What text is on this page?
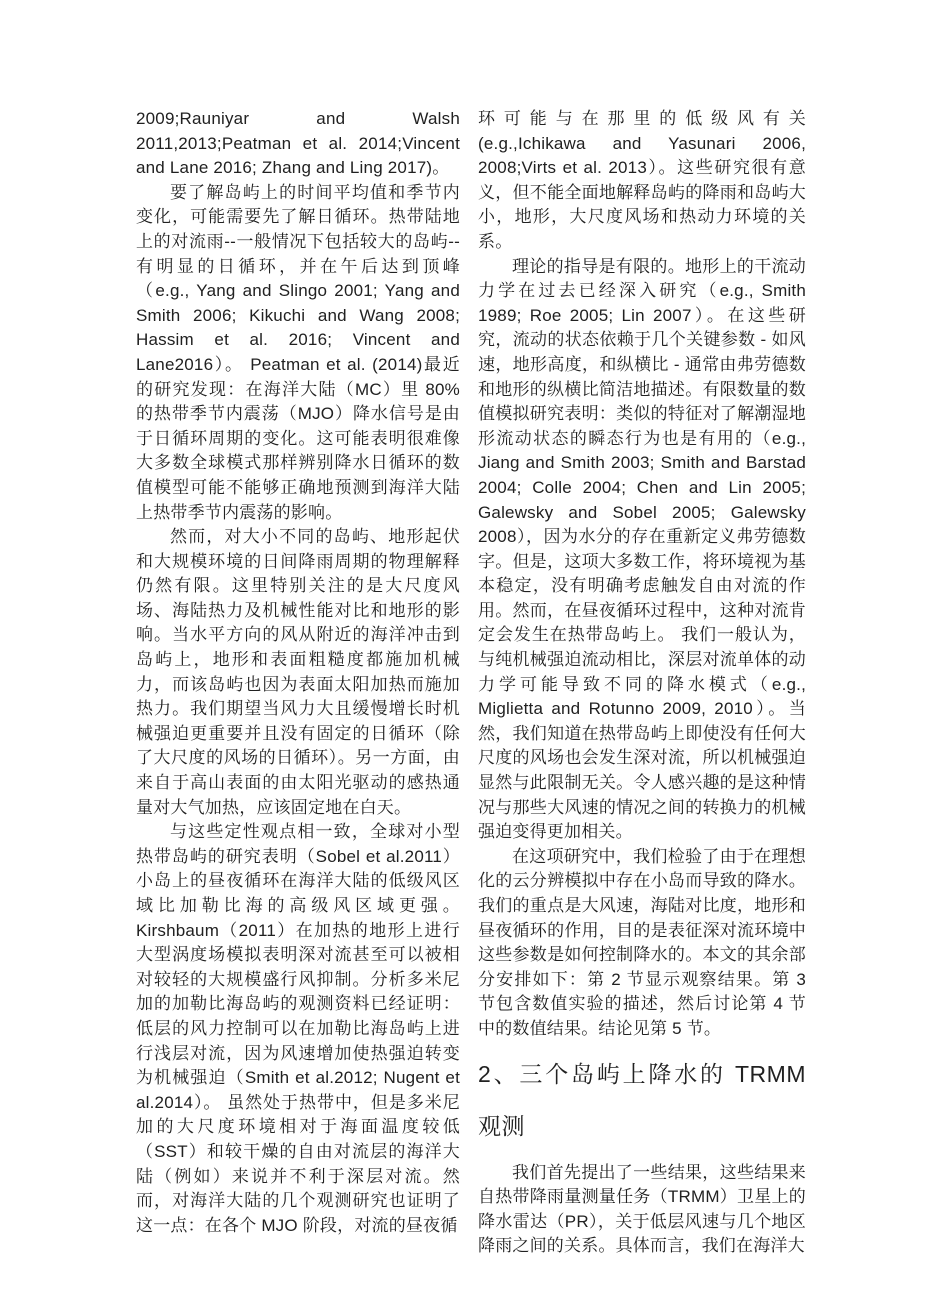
2009;Rauniyar and Walsh 2011,2013;Peatman et al. 2014;Vincent and Lane 2016; Zhang and Ling 2017)。

要了解岛屿上的时间平均值和季节内变化，可能需要先了解日循环。热带陆地上的对流雨--一般情况下包括较大的岛屿--有明显的日循环，并在午后达到顶峰（e.g., Yang and Slingo 2001; Yang and Smith 2006; Kikuchi and Wang 2008; Hassim et al. 2016; Vincent and Lane2016）。 Peatman et al. (2014)最近的研究发现：在海洋大陆（MC）里 80%的热带季节内震荡（MJO）降水信号是由于日循环周期的变化。这可能表明很难像大多数全球模式那样辨别降水日循环的数值模型可能不能够正确地预测到海洋大陆上热带季节内震荡的影响。

然而，对大小不同的岛屿、地形起伏和大规模环境的日间降雨周期的物理解释仍然有限。这里特别关注的是大尺度风场、海陆热力及机械性能对比和地形的影响。当水平方向的风从附近的海洋冲击到岛屿上，地形和表面粗糙度都施加机械力，而该岛屿也因为表面太阳加热而施加热力。我们期望当风力大且缓慢增长时机械强迫更重要并且没有固定的日循环（除了大尺度的风场的日循环）。另一方面，由来自于高山表面的由太阳光驱动的感热通量对大气加热，应该固定地在白天。

与这些定性观点相一致，全球对小型热带岛屿的研究表明（Sobel et al.2011）小岛上的昼夜循环在海洋大陆的低级风区域比加勒比海的高级风区域更强。 Kirshbaum（2011）在加热的地形上进行大型涡度场模拟表明深对流甚至可以被相对较轻的大规模盛行风抑制。分析多米尼加的加勒比海岛屿的观测资料已经证明：低层的风力控制可以在加勒比海岛屿上进行浅层对流，因为风速增加使热强迫转变为机械强迫（Smith et al.2012; Nugent et al.2014）。 虽然处于热带中，但是多米尼加的大尺度环境相对于海面温度较低（SST）和较干燥的自由对流层的海洋大陆（例如）来说并不利于深层对流。然而，对海洋大陆的几个观测研究也证明了这一点：在各个 MJO 阶段，对流的昼夜循

环可能与在那里的低级风有关(e.g.,Ichikawa and Yasunari 2006, 2008;Virts et al. 2013）。这些研究很有意义，但不能全面地解释岛屿的降雨和岛屿大小，地形，大尺度风场和热动力环境的关系。

理论的指导是有限的。地形上的干流动力学在过去已经深入研究（e.g., Smith 1989; Roe 2005; Lin 2007）。在这些研究，流动的状态依赖于几个关键参数 - 如风速，地形高度，和纵横比 - 通常由弗劳德数和地形的纵横比简洁地描述。有限数量的数值模拟研究表明：类似的特征对了解潮湿地形流动状态的瞬态行为也是有用的（e.g., Jiang and Smith 2003; Smith and Barstad 2004; Colle 2004; Chen and Lin 2005; Galewsky and Sobel 2005; Galewsky 2008），因为水分的存在重新定义弗劳德数字。但是，这项大多数工作，将环境视为基本稳定，没有明确考虑触发自由对流的作用。然而，在昼夜循环过程中，这种对流肯定会发生在热带岛屿上。 我们一般认为，与纯机械强迫流动相比，深层对流单体的动力学可能导致不同的降水模式（e.g., Miglietta and Rotunno 2009, 2010）。当然，我们知道在热带岛屿上即使没有任何大尺度的风场也会发生深对流，所以机械强迫显然与此限制无关。令人感兴趣的是这种情况与那些大风速的情况之间的转换力的机械强迫变得更加相关。

在这项研究中，我们检验了由于在理想化的云分辨模拟中存在小岛而导致的降水。我们的重点是大风速，海陆对比度，地形和昼夜循环的作用，目的是表征深对流环境中这些参数是如何控制降水的。本文的其余部分安排如下：第 2 节显示观察结果。第 3 节包含数值实验的描述，然后讨论第 4 节中的数值结果。结论见第 5 节。

2、三个岛屿上降水的 TRMM 观测

我们首先提出了一些结果，这些结果来自热带降雨量测量任务（TRMM）卫星上的降水雷达（PR），关于低层风速与几个地区降雨之间的关系。具体而言，我们在海洋大
